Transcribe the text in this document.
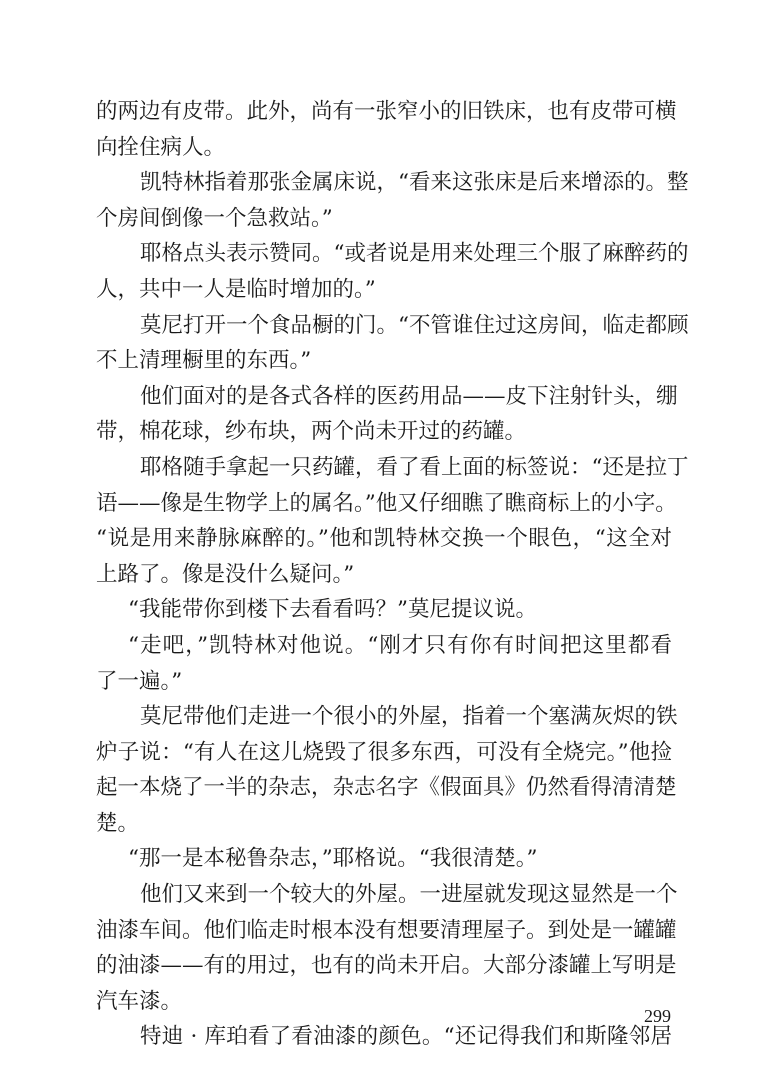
的两边有皮带。此外，尚有一张窄小的旧铁床，也有皮带可横
向拴住病人。
凯特林指着那张金属床说，“看来这张床是后来增添的。整
个房间倒像一个急救站。”
耶格点头表示赞同。“或者说是用来处理三个服了麻醉药的
人，共中一人是临时增加的。”
莫尼打开一个食品橱的门。“不管谁住过这房间，临走都顾
不上清理橱里的东西。”
他们面对的是各式各样的医药用品——皮下注射针头，绷
带，棉花球，纱布块，两个尚未开过的药罐。
耶格随手拿起一只药罐，看了看上面的标签说：“还是拉丁
语——像是生物学上的属名。”他又仔细瞧了瞧商标上的小字。
“说是用来静脉麻醉的。”他和凯特林交换一个眼色，“这全对
上路了。像是没什么疑问。”
“我能带你到楼下去看看吗？”莫尼提议说。
“走吧，”凯特林对他说。“刚才只有你有时间把这里都看
了一遍。”
莫尼带他们走进一个很小的外屋，指着一个塞满灰烬的铁
炉子说：“有人在这儿烧毁了很多东西，可没有全烧完。”他捡
起一本烧了一半的杂志，杂志名字《假面具》仍然看得清清楚
楚。
“那一是本秘鲁杂志，”耶格说。“我很清楚。”
他们又来到一个较大的外屋。一进屋就发现这显然是一个
油漆车间。他们临走时根本没有想要清理屋子。到处是一罐罐
的油漆——有的用过，也有的尚未开启。大部分漆罐上写明是
汽车漆。
特迪 · 库珀看了看油漆的颜色。“还记得我们和斯隆邻居
299
